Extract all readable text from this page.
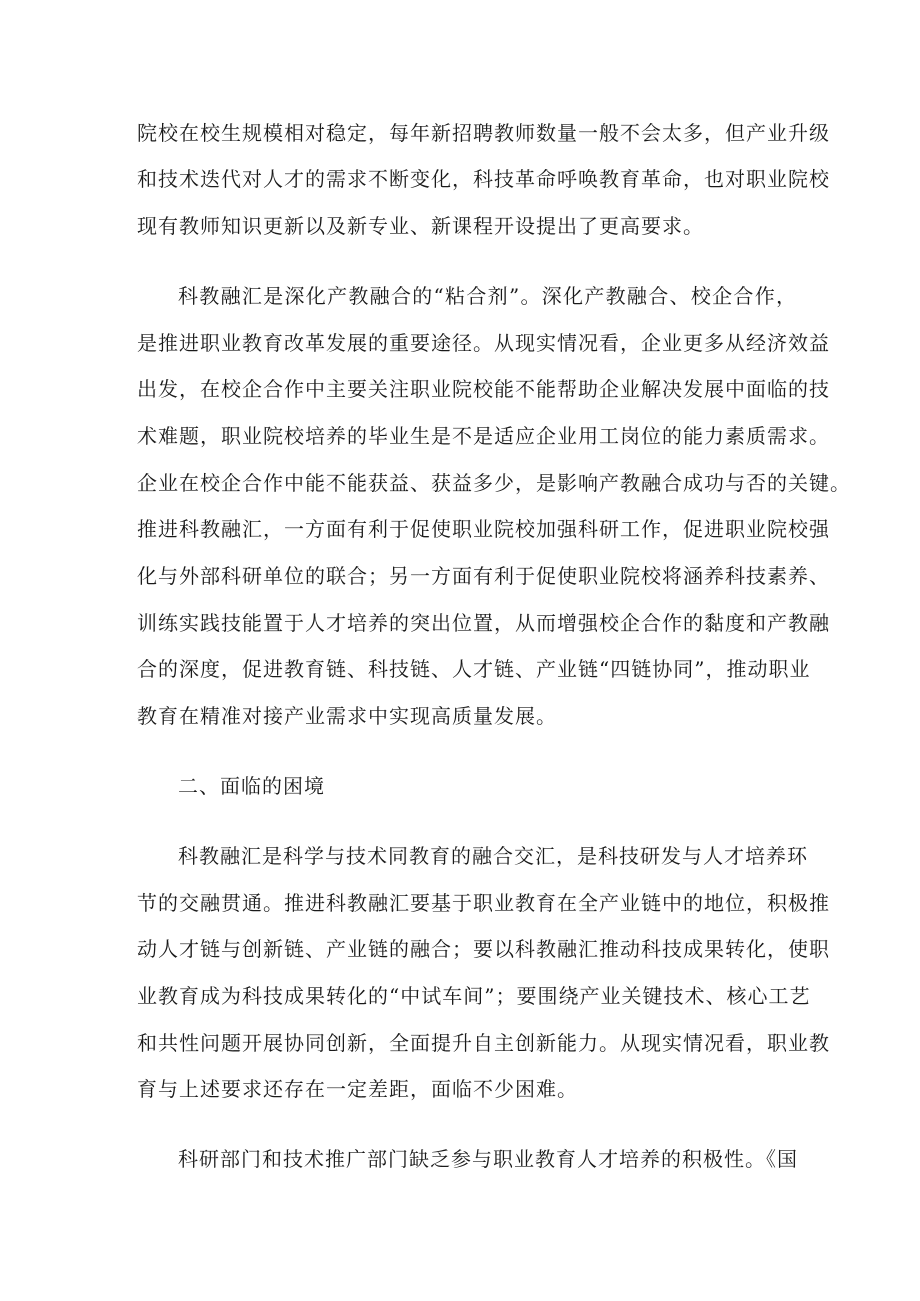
院校在校生规模相对稳定，每年新招聘教师数量一般不会太多，但产业升级
和技术迭代对人才的需求不断变化，科技革命呼唤教育革命，也对职业院校
现有教师知识更新以及新专业、新课程开设提出了更高要求。
科教融汇是深化产教融合的“粘合剂”。深化产教融合、校企合作，
是推进职业教育改革发展的重要途径。从现实情况看，企业更多从经济效益
出发，在校企合作中主要关注职业院校能不能帮助企业解决发展中面临的技
术难题，职业院校培养的毕业生是不是适应企业用工岗位的能力素质需求。
企业在校企合作中能不能获益、获益多少，是影响产教融合成功与否的关键。
推进科教融汇，一方面有利于促使职业院校加强科研工作，促进职业院校强
化与外部科研单位的联合；另一方面有利于促使职业院校将涵养科技素养、
训练实践技能置于人才培养的突出位置，从而增强校企合作的黏度和产教融
合的深度，促进教育链、科技链、人才链、产业链“四链协同”，推动职业
教育在精准对接产业需求中实现高质量发展。
二、面临的困境
科教融汇是科学与技术同教育的融合交汇，是科技研发与人才培养环
节的交融贯通。推进科教融汇要基于职业教育在全产业链中的地位，积极推
动人才链与创新链、产业链的融合；要以科教融汇推动科技成果转化，使职
业教育成为科技成果转化的“中试车间”；要围绕产业关键技术、核心工艺
和共性问题开展协同创新，全面提升自主创新能力。从现实情况看，职业教
育与上述要求还存在一定差距，面临不少困难。
科研部门和技术推广部门缺乏参与职业教育人才培养的积极性。《国
